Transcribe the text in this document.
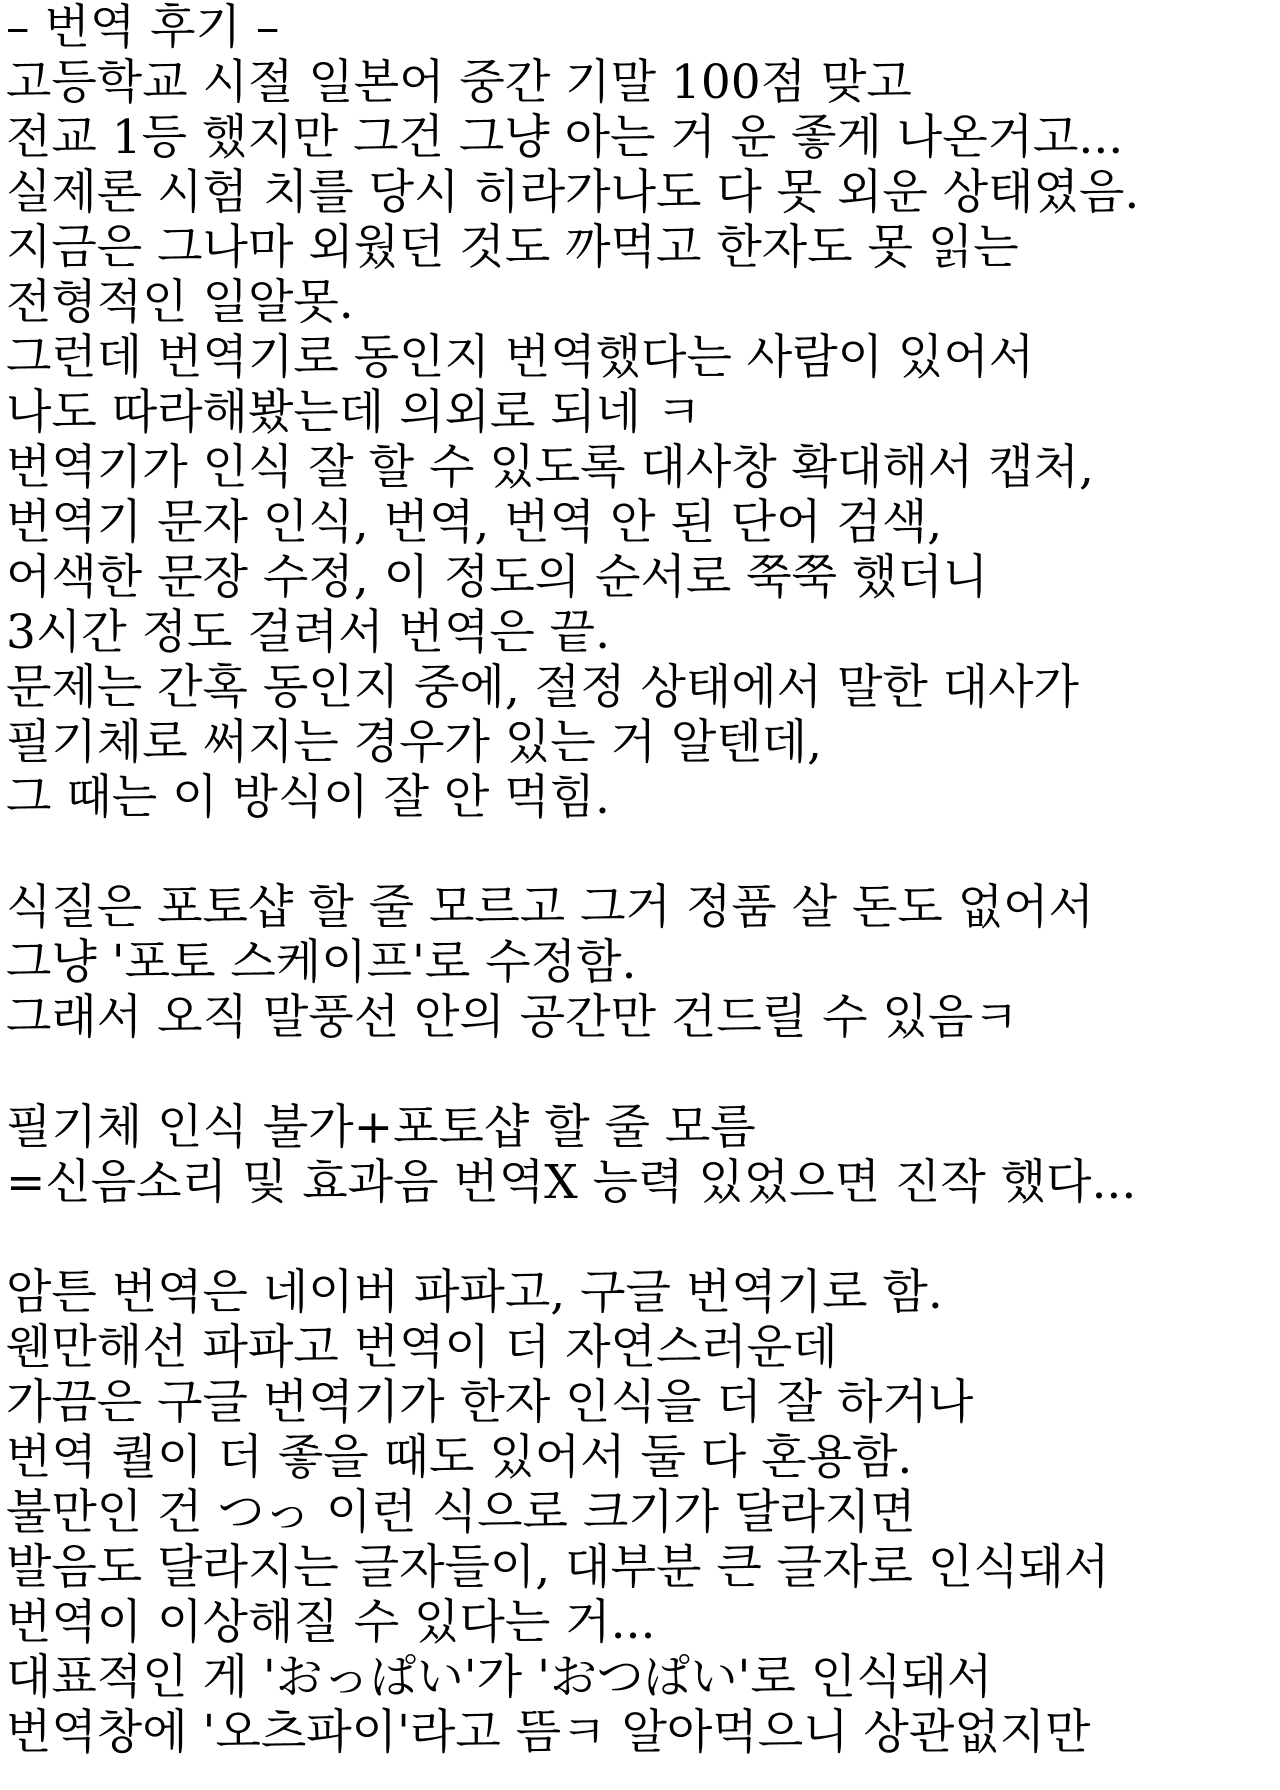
– 번역 후기 –
고등학교 시절 일본어 중간 기말 100점 맞고
전교 1등 했지만 그건 그냥 아는 거 운 좋게 나온거고...
실제론 시험 치를 당시 히라가나도 다 못 외운 상태였음.
지금은 그나마 외웠던 것도 까먹고 한자도 못 읽는
전형적인 일알못.
그런데 번역기로 동인지 번역했다는 사람이 있어서
나도 따라해봤는데 의외로 되네 ㅋ
번역기가 인식 잘 할 수 있도록 대사창 확대해서 캡처,
번역기 문자 인식, 번역, 번역 안 된 단어 검색,
어색한 문장 수정, 이 정도의 순서로 쭉쭉 했더니
3시간 정도 걸려서 번역은 끝.
문제는 간혹 동인지 중에, 절정 상태에서 말한 대사가
필기체로 써지는 경우가 있는 거 알텐데,
그 때는 이 방식이 잘 안 먹힘.
식질은 포토샵 할 줄 모르고 그거 정품 살 돈도 없어서
그냥 '포토 스케이프'로 수정함.
그래서 오직 말풍선 안의 공간만 건드릴 수 있음ㅋ
필기체 인식 불가+포토샵 할 줄 모름
=신음소리 및 효과음 번역X 능력 있었으면 진작 했다...
암튼 번역은 네이버 파파고, 구글 번역기로 함.
웬만해선 파파고 번역이 더 자연스러운데
가끔은 구글 번역기가 한자 인식을 더 잘 하거나
번역 퀄이 더 좋을 때도 있어서 둘 다 혼용함.
불만인 건 つっ 이런 식으로 크기가 달라지면
발음도 달라지는 글자들이, 대부분 큰 글자로 인식돼서
번역이 이상해질 수 있다는 거...
대표적인 게 'おっぱい'가 'おつぱい'로 인식돼서
번역창에 '오츠파이'라고 뜸ㅋ 알아먹으니 상관없지만
